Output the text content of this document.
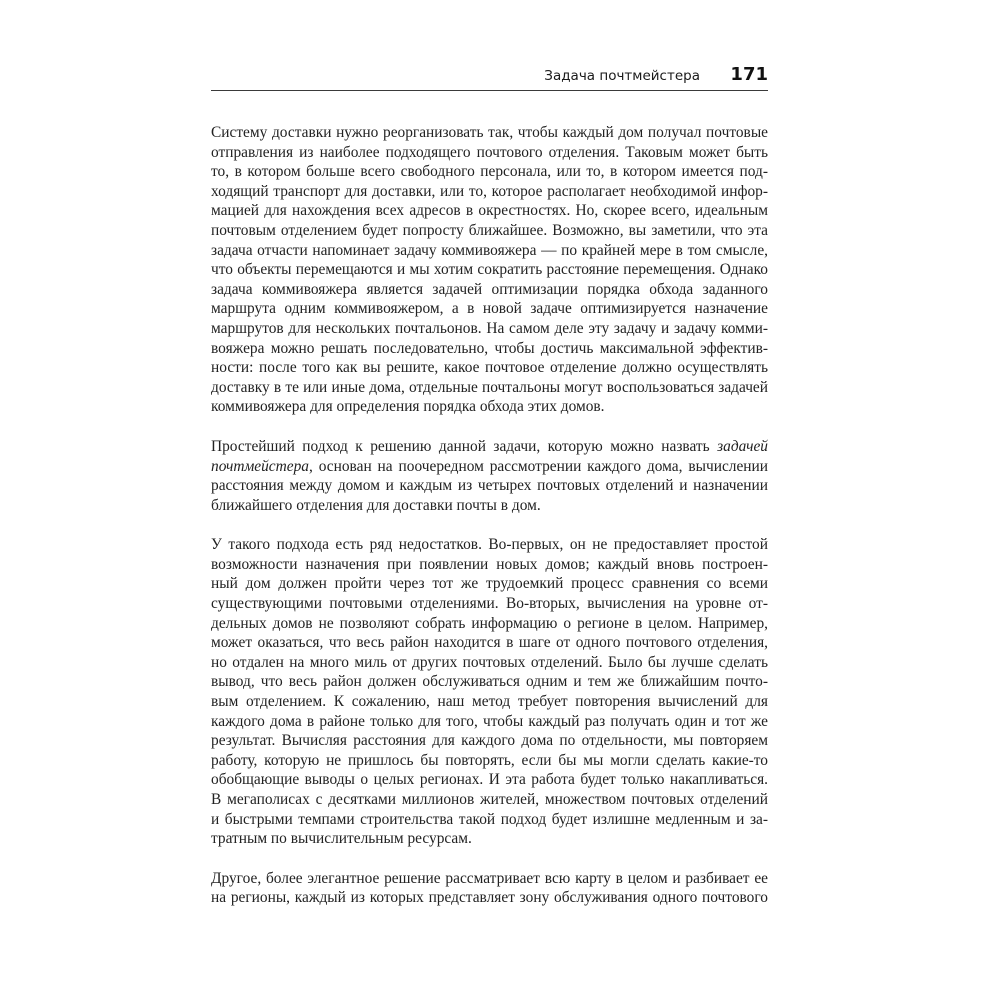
Задача почтмейстера 171

Систему доставки нужно реорганизовать так, чтобы каждый дом получал почтовые
отправления из наиболее подходящего почтового отделения. Таковым может быть
то, в котором больше всего свободного персонала, или то, в котором имеется под-
ходящий транспорт для доставки, или то, которое располагает необходимой инфор-
мацией для нахождения всех адресов в окрестностях. Но, скорее всего, идеальным
почтовым отделением будет попросту ближайшее. Возможно, вы заметили, что эта
задача отчасти напоминает задачу коммивояжера — по крайней мере в том смысле,
что объекты перемещаются и мы хотим сократить расстояние перемещения. Однако
задача коммивояжера является задачей оптимизации порядка обхода заданного
маршрута одним коммивояжером, а в новой задаче оптимизируется назначение
маршрутов для нескольких почтальонов. На самом деле эту задачу и задачу комми-
вояжера можно решать последовательно, чтобы достичь максимальной эффектив-
ности: после того как вы решите, какое почтовое отделение должно осуществлять
доставку в те или иные дома, отдельные почтальоны могут воспользоваться задачей
коммивояжера для определения порядка обхода этих домов.

Простейший подход к решению данной задачи, которую можно назвать задачей
почтмейстера, основан на поочередном рассмотрении каждого дома, вычислении
расстояния между домом и каждым из четырех почтовых отделений и назначении
ближайшего отделения для доставки почты в дом.

У такого подхода есть ряд недостатков. Во-первых, он не предоставляет простой
возможности назначения при появлении новых домов; каждый вновь построен-
ный дом должен пройти через тот же трудоемкий процесс сравнения со всеми
существующими почтовыми отделениями. Во-вторых, вычисления на уровне от-
дельных домов не позволяют собрать информацию о регионе в целом. Например,
может оказаться, что весь район находится в шаге от одного почтового отделения,
но отдален на много миль от других почтовых отделений. Было бы лучше сделать
вывод, что весь район должен обслуживаться одним и тем же ближайшим почто-
вым отделением. К сожалению, наш метод требует повторения вычислений для
каждого дома в районе только для того, чтобы каждый раз получать один и тот же
результат. Вычисляя расстояния для каждого дома по отдельности, мы повторяем
работу, которую не пришлось бы повторять, если бы мы могли сделать какие-то
обобщающие выводы о целых регионах. И эта работа будет только накапливаться.
В мегаполисах с десятками миллионов жителей, множеством почтовых отделений
и быстрыми темпами строительства такой подход будет излишне медленным и за-
тратным по вычислительным ресурсам.

Другое, более элегантное решение рассматривает всю карту в целом и разбивает ее
на регионы, каждый из которых представляет зону обслуживания одного почтового
